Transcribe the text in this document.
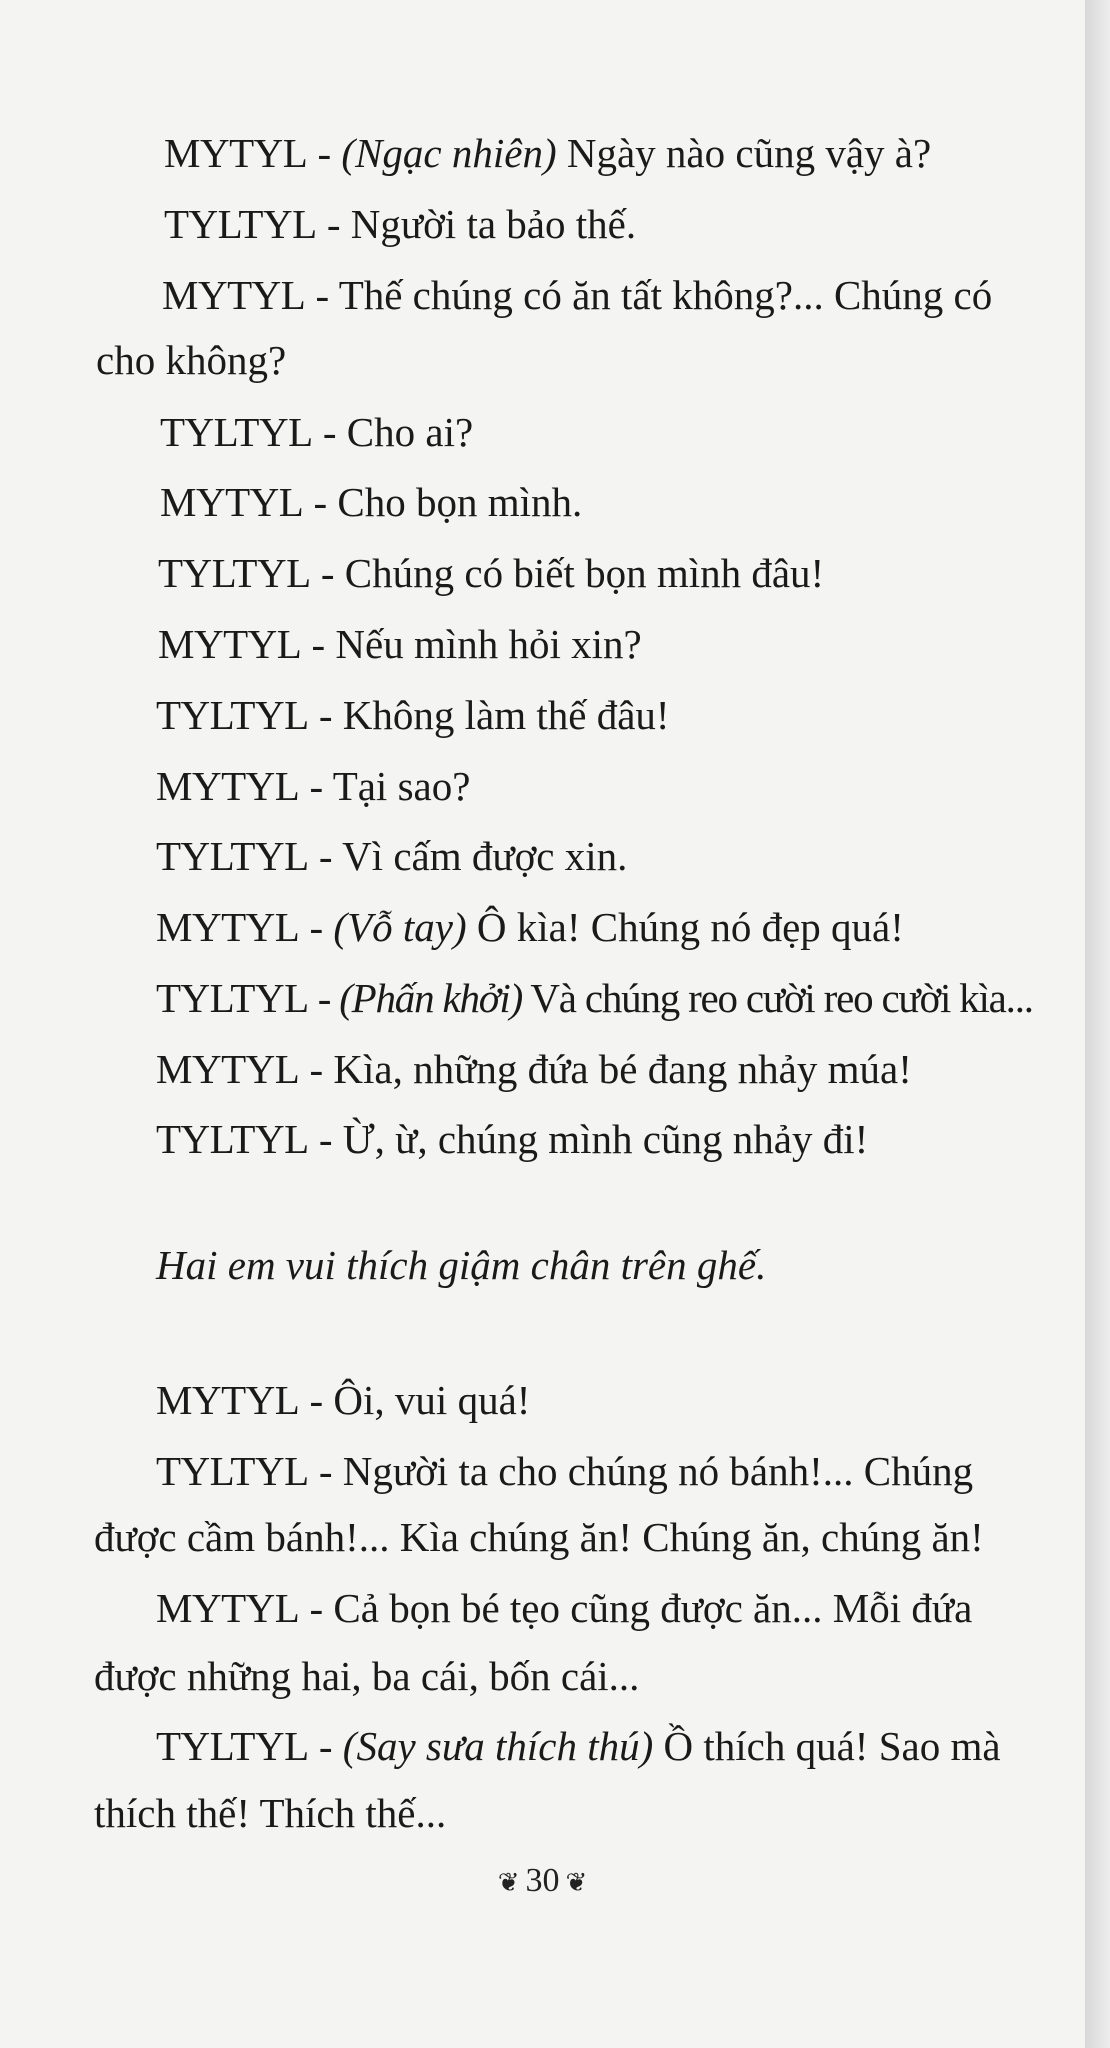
MYTYL - (Ngạc nhiên) Ngày nào cũng vậy à?
TYLTYL - Người ta bảo thế.
MYTYL - Thế chúng có ăn tất không?... Chúng có
cho không?
TYLTYL - Cho ai?
MYTYL - Cho bọn mình.
TYLTYL - Chúng có biết bọn mình đâu!
MYTYL - Nếu mình hỏi xin?
TYLTYL - Không làm thế đâu!
MYTYL - Tại sao?
TYLTYL - Vì cấm được xin.
MYTYL - (Vỗ tay) Ô kìa! Chúng nó đẹp quá!
TYLTYL - (Phấn khởi) Và chúng reo cười reo cười kìa...
MYTYL - Kìa, những đứa bé đang nhảy múa!
TYLTYL - Ừ, ừ, chúng mình cũng nhảy đi!
Hai em vui thích giậm chân trên ghế.
MYTYL - Ôi, vui quá!
TYLTYL - Người ta cho chúng nó bánh!... Chúng
được cầm bánh!... Kìa chúng ăn! Chúng ăn, chúng ăn!
MYTYL - Cả bọn bé tẹo cũng được ăn... Mỗi đứa
được những hai, ba cái, bốn cái...
TYLTYL - (Say sưa thích thú) Ồ thích quá! Sao mà
thích thế! Thích thế...
❦ 30 ❦
